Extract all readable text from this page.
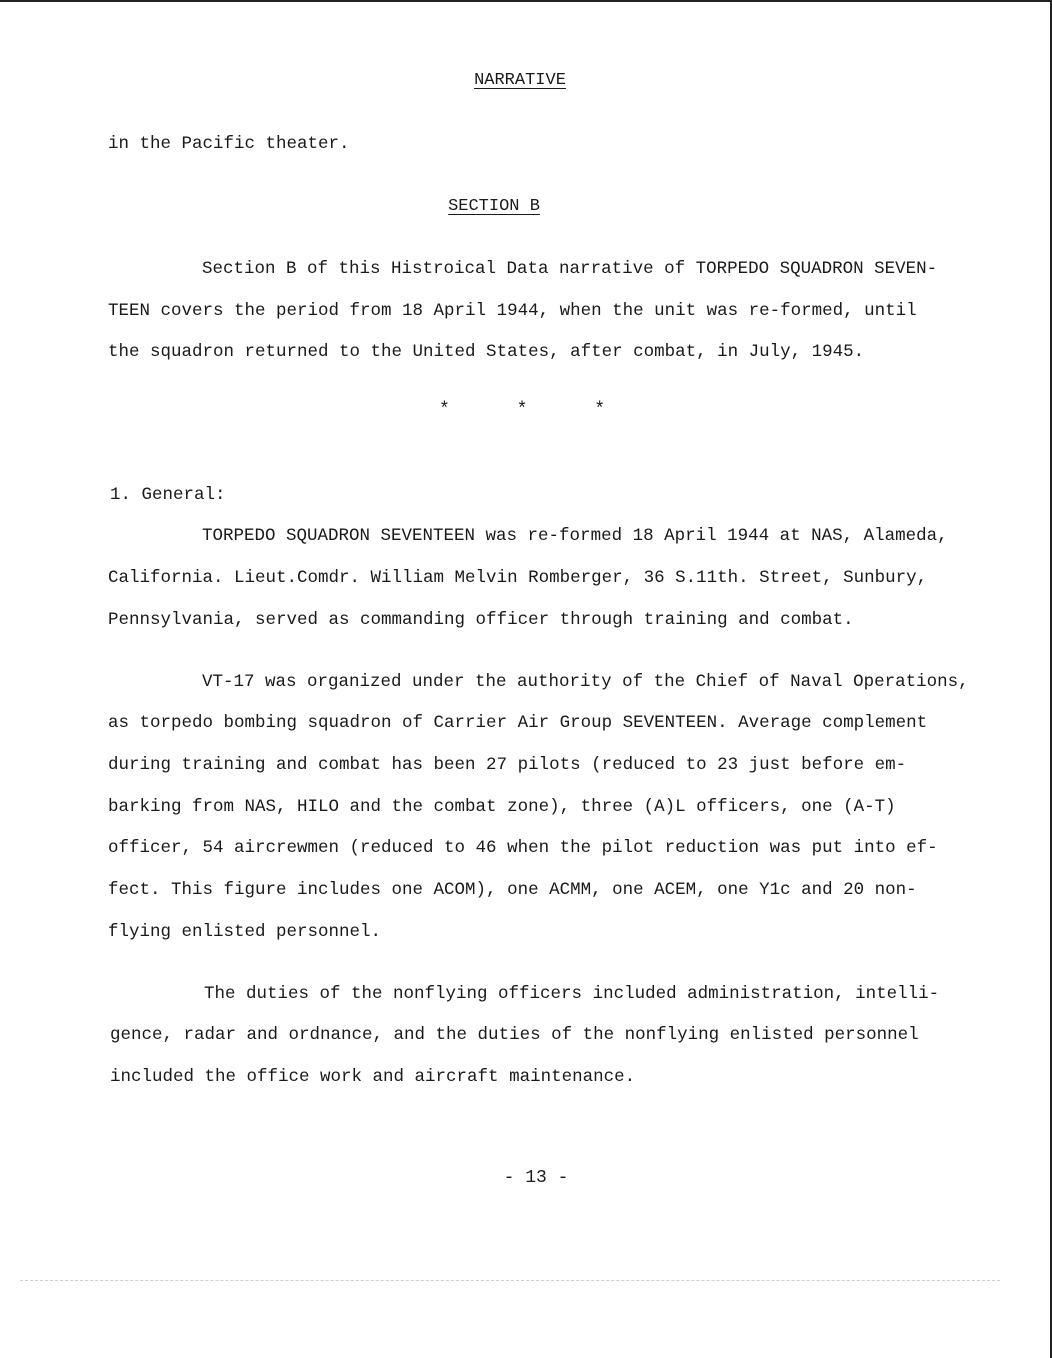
NARRATIVE
in the Pacific theater.
SECTION B
Section B of this Histroical Data narrative of TORPEDO SQUADRON SEVEN-
TEEN covers the period from 18 April 1944, when the unit was re-formed, until
the squadron returned to the United States, after combat, in July, 1945.
*	*	*
1. General:
TORPEDO SQUADRON SEVENTEEN was re-formed 18 April 1944 at NAS, Alameda,
California. Lieut.Comdr. William Melvin Romberger, 36 S.11th. Street, Sunbury,
Pennsylvania, served as commanding officer through training and combat.
VT-17 was organized under the authority of the Chief of Naval Operations,
as torpedo bombing squadron of Carrier Air Group SEVENTEEN. Average complement
during training and combat has been 27 pilots (reduced to 23 just before em-
barking from NAS, HILO and the combat zone), three (A)L officers, one (A-T)
officer, 54 aircrewmen (reduced to 46 when the pilot reduction was put into ef-
fect. This figure includes one ACOM), one ACMM, one ACEM, one Y1c and 20 non-
flying enlisted personnel.
The duties of the nonflying officers included administration, intelli-
gence, radar and ordnance, and the duties of the nonflying enlisted personnel
included the office work and aircraft maintenance.
- 13 -
